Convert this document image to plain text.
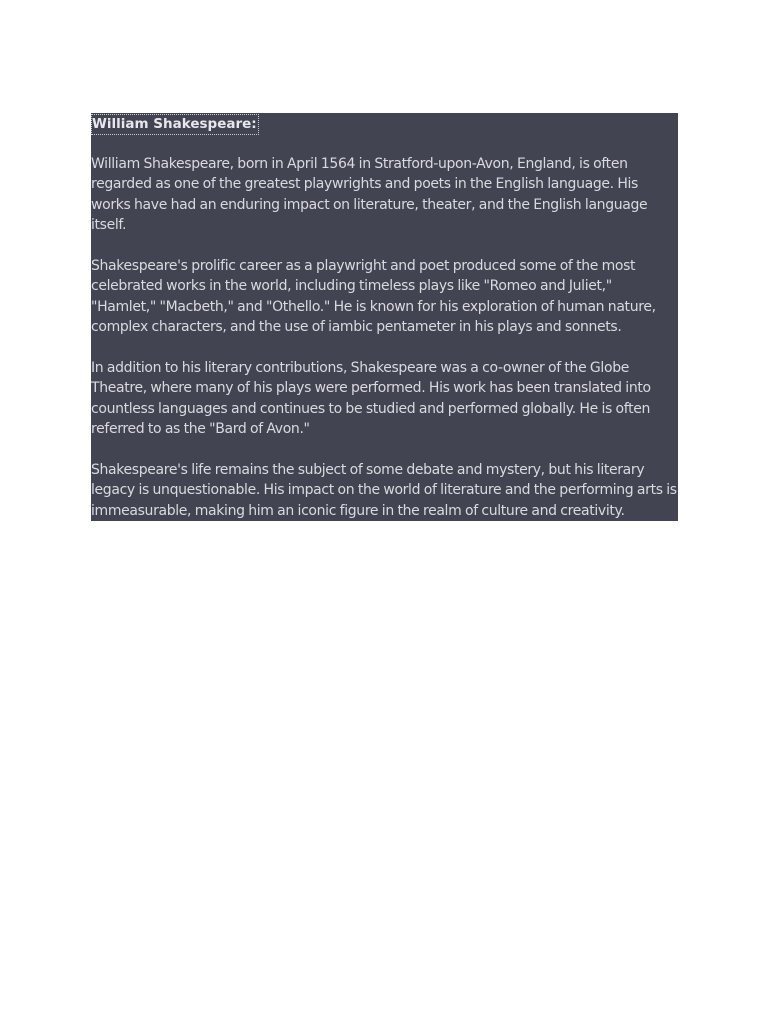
William Shakespeare:

William Shakespeare, born in April 1564 in Stratford-upon-Avon, England, is often regarded as one of the greatest playwrights and poets in the English language. His works have had an enduring impact on literature, theater, and the English language itself.

Shakespeare's prolific career as a playwright and poet produced some of the most celebrated works in the world, including timeless plays like "Romeo and Juliet," "Hamlet," "Macbeth," and "Othello." He is known for his exploration of human nature, complex characters, and the use of iambic pentameter in his plays and sonnets.

In addition to his literary contributions, Shakespeare was a co-owner of the Globe Theatre, where many of his plays were performed. His work has been translated into countless languages and continues to be studied and performed globally. He is often referred to as the "Bard of Avon."

Shakespeare's life remains the subject of some debate and mystery, but his literary legacy is unquestionable. His impact on the world of literature and the performing arts is immeasurable, making him an iconic figure in the realm of culture and creativity.
